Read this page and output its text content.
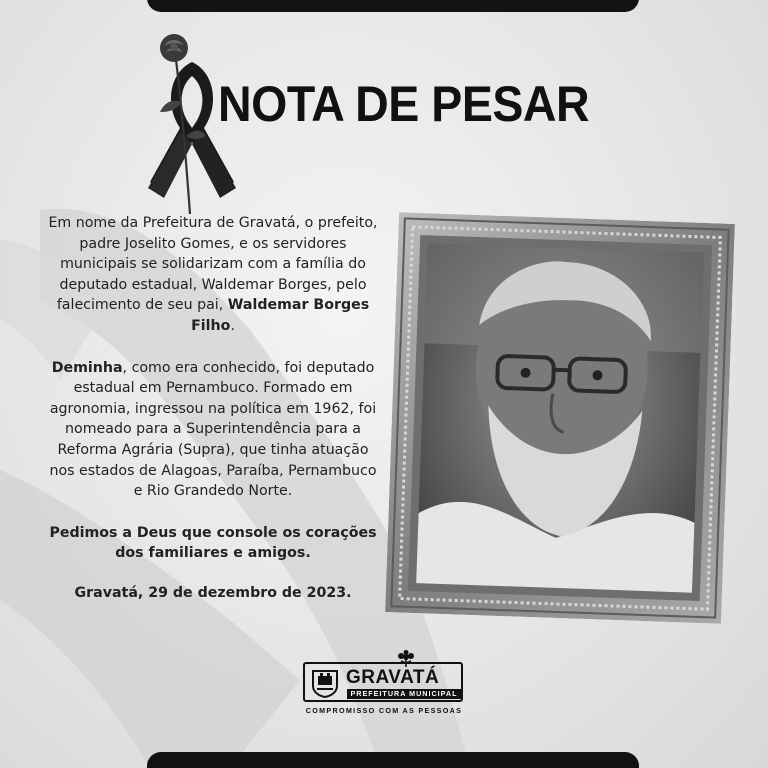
NOTA DE PESAR

Em nome da Prefeitura de Gravatá, o prefeito, padre Joselito Gomes, e os servidores municipais se solidarizam com a família do deputado estadual, Waldemar Borges, pelo falecimento de seu pai, Waldemar Borges Filho.

Deminha, como era conhecido, foi deputado estadual em Pernambuco. Formado em agronomia, ingressou na política em 1962, foi nomeado para a Superintendência para a Reforma Agrária (Supra), que tinha atuação nos estados de Alagoas, Paraíba, Pernambuco e Rio Grandedo Norte.

Pedimos a Deus que console os corações dos familiares e amigos.

Gravatá, 29 de dezembro de 2023.

GRAVATÁ
PREFEITURA MUNICIPAL
COMPROMISSO COM AS PESSOAS
